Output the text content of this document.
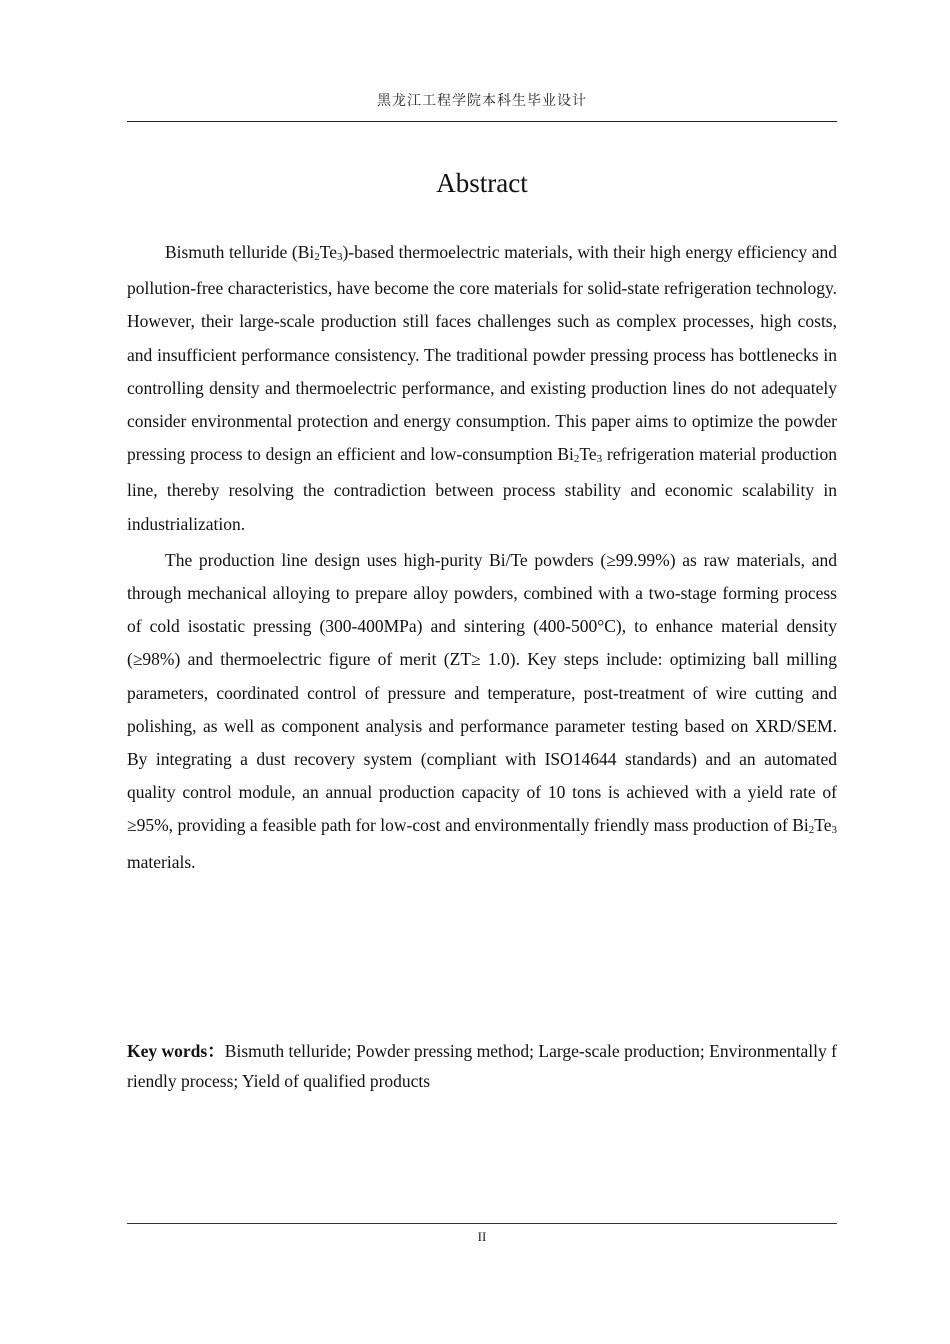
黑龙江工程学院本科生毕业设计
Abstract

Bismuth telluride $(Bi_2Te_3)$-based thermoelectric materials, with their high energy efficiency and pollution-free characteristics, have become the core materials for solid-state refrigeration technology. However, their large-scale production still faces challenges such as complex processes, high costs, and insufficient performance consistency. The traditional powder pressing process has bottlenecks in controlling density and thermoelectric performance, and existing production lines do not adequately consider environmental protection and energy consumption. This paper aims to optimize the powder pressing process to design an efficient and low-consumption $Bi_2Te_3$ refrigeration material production line, thereby resolving the contradiction between process stability and economic scalability in industrialization.

The production line design uses high-purity Bi/Te powders (≥99.99%) as raw materials, and through mechanical alloying to prepare alloy powders, combined with a two-stage forming process of cold isostatic pressing (300-400MPa) and sintering (400-500°C), to enhance material density (≥98%) and thermoelectric figure of merit (ZT≥ 1.0). Key steps include: optimizing ball milling parameters, coordinated control of pressure and temperature, post-treatment of wire cutting and polishing, as well as component analysis and performance parameter testing based on XRD/SEM. By integrating a dust recovery system (compliant with ISO14644 standards) and an automated quality control module, an annual production capacity of 10 tons is achieved with a yield rate of ≥95%, providing a feasible path for low-cost and environmentally friendly mass production of $Bi_2Te_3$ materials.

Key words：Bismuth telluride; Powder pressing method; Large-scale production; Environmentally friendly process; Yield of qualified products
II
